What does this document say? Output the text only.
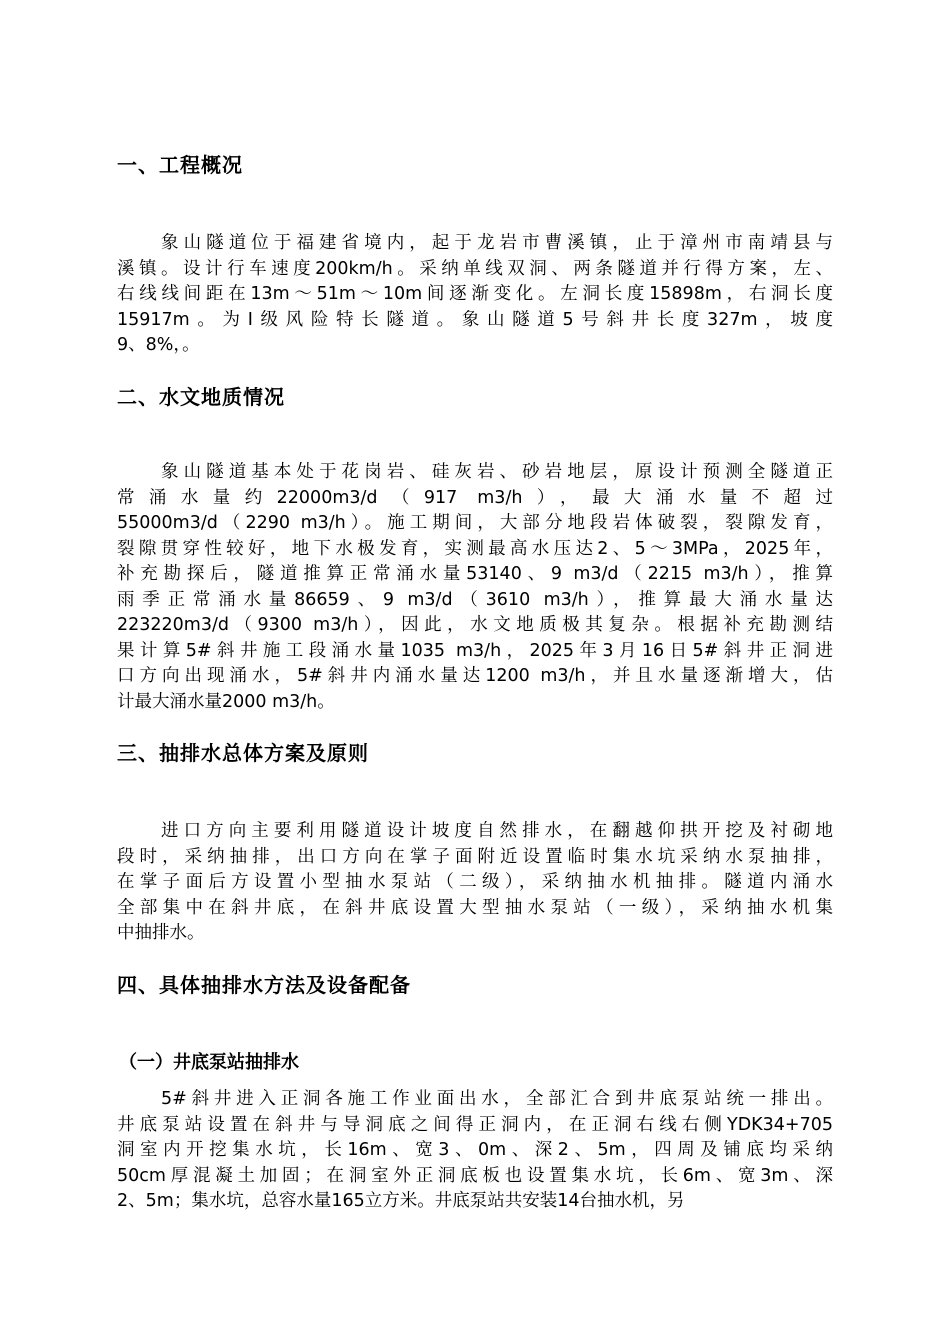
一、工程概况
象山隧道位于福建省境内，起于龙岩市曹溪镇，止于漳州市南靖县与
溪镇。设计行车速度200km/h。采纳单线双洞、两条隧道并行得方案，左、
右线线间距在13m～51m～10m间逐渐变化。左洞长度15898m，右洞长度
15917m。为Ⅰ级风险特长隧道。象山隧道5号斜井长度327m，坡度
9、8%，。
二、水文地质情况
象山隧道基本处于花岗岩、硅灰岩、砂岩地层，原设计预测全隧道正
常涌水量约22000m3/d（917 m3/h），最大涌水量不超过
55000m3/d（2290 m3/h）。施工期间，大部分地段岩体破裂，裂隙发育，
裂隙贯穿性较好，地下水极发育，实测最高水压达2、5～3MPa，2025年，
补充勘探后，隧道推算正常涌水量53140、9 m3/d（2215 m3/h），推算
雨季正常涌水量86659、9 m3/d（3610 m3/h），推算最大涌水量达
223220m3/d（9300 m3/h），因此，水文地质极其复杂。根据补充勘测结
果计算5#斜井施工段涌水量1035 m3/h，2025年3月16日5#斜井正洞进
口方向出现涌水，5#斜井内涌水量达1200 m3/h，并且水量逐渐增大，估
计最大涌水量2000 m3/h。
三、抽排水总体方案及原则
进口方向主要利用隧道设计坡度自然排水，在翻越仰拱开挖及衬砌地
段时，采纳抽排，出口方向在掌子面附近设置临时集水坑采纳水泵抽排，
在掌子面后方设置小型抽水泵站（二级），采纳抽水机抽排。隧道内涌水
全部集中在斜井底，在斜井底设置大型抽水泵站（一级），采纳抽水机集
中抽排水。
四、具体抽排水方法及设备配备
（一）井底泵站抽排水
5#斜井进入正洞各施工作业面出水，全部汇合到井底泵站统一排出。
井底泵站设置在斜井与导洞底之间得正洞内，在正洞右线右侧YDK34+705
洞室内开挖集水坑，长16m、宽3、0m、深2、5m，四周及铺底均采纳
50cm厚混凝土加固；在洞室外正洞底板也设置集水坑，长6m、宽3m、深
2、5m；集水坑，总容水量165立方米。井底泵站共安装14台抽水机，另
